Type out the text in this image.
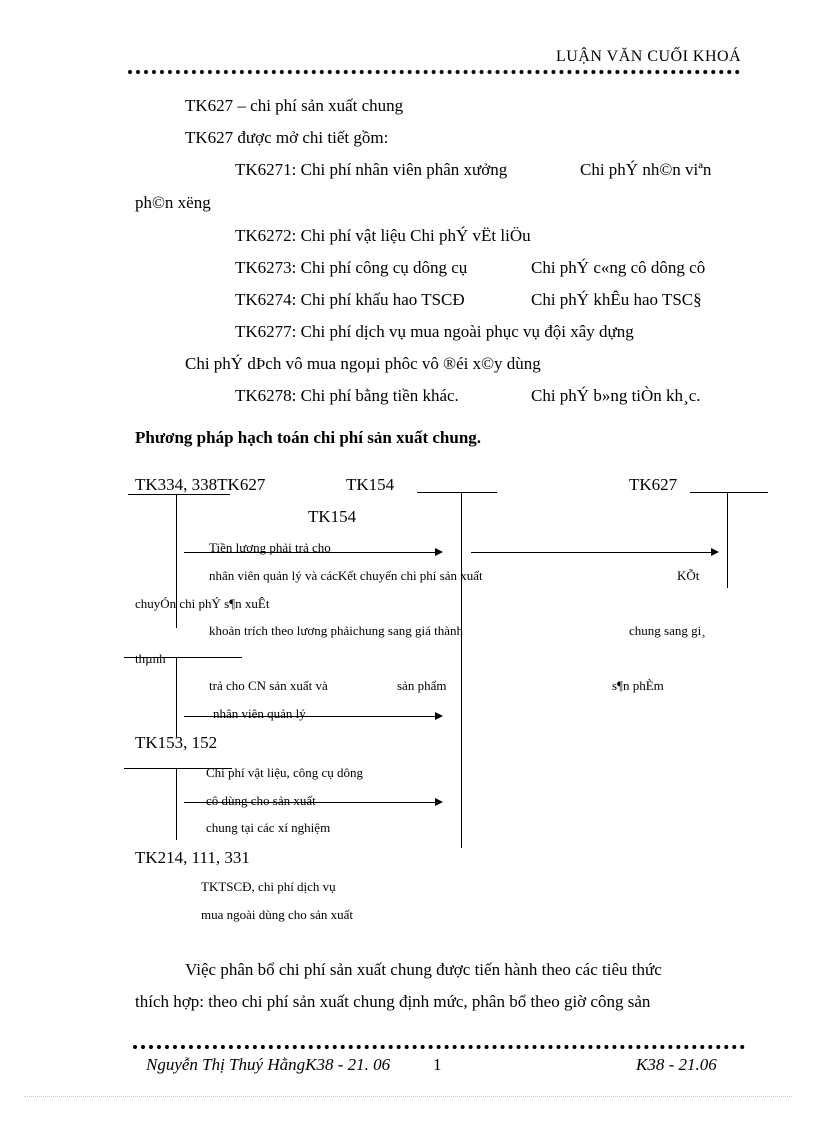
LUẬN VĂN CUỐI KHOÁ
TK627 – chi phí sản xuất chung
TK627 được mở chi tiết gồm:
TK6271: Chi phí nhân viên phân xưởng	Chi phÝ nh©n viªn
ph©n xëng
TK6272: Chi phí vật liệu Chi phÝ vËt liÖu
TK6273: Chi phí công cụ dông cụ	Chi phÝ c«ng cô dông cô
TK6274: Chi phí khấu hao TSCĐ	Chi phÝ khÊu hao TSC§
TK6277: Chi phí dịch vụ mua ngoài phục vụ đội xây dựng
Chi phÝ dÞch vô mua ngoµi phôc vô ®éi x©y dùng
TK6278: Chi phí bằng tiền khác.	Chi phÝ b»ng tiÒn kh¸c.
Phương pháp hạch toán chi phí sản xuất chung.
TK334, 338TK627	TK154	TK627
TK154
Tiền lương phải trả cho
nhân viên quản lý và cácKết chuyển chi phí sản xuất	KÕt
chuyÓn chi phÝ s¶n xuÊt
khoản trích theo lương phảichung sang giá thành	chung sang gi¸
thµnh
trả cho CN sản xuất và	sản phẩm	s¶n phÈm
nhân viên quản lý
TK153, 152
Chi phí vật liệu, công cụ dông
cô dùng cho sản xuất
chung tại các xí nghiệm
TK214, 111, 331
TKTSCĐ, chi phí dịch vụ
mua ngoài dùng cho sản xuất
Việc phân bổ chi phí sản xuất chung được tiến hành theo các tiêu thức
thích hợp: theo chi phí sản xuất chung định mức, phân bổ theo giờ công sản
Nguyễn Thị Thuý HằngK38 - 21. 06	1	K38 - 21.06
